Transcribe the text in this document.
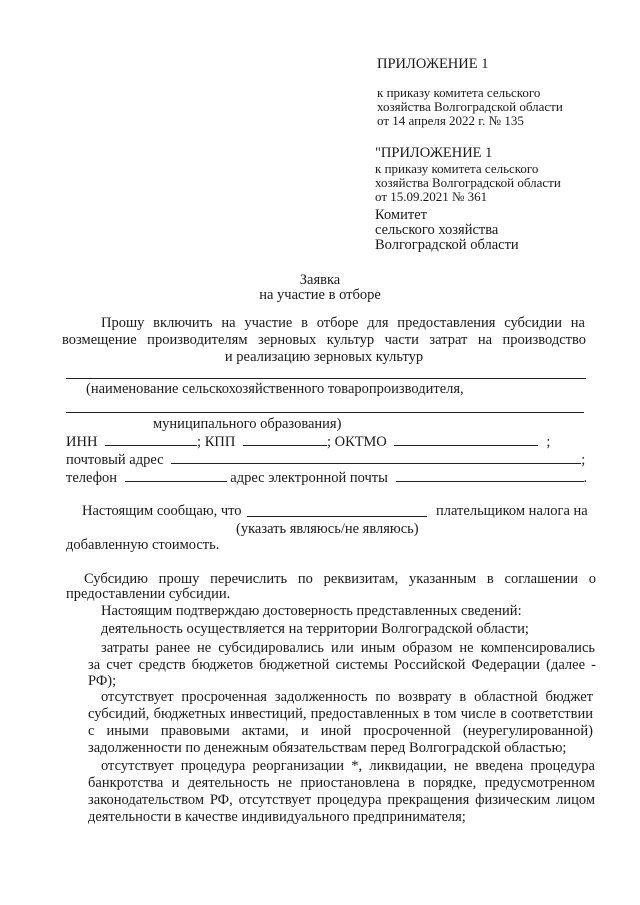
ПРИЛОЖЕНИЕ 1
к приказу комитета сельского
хозяйства Волгоградской области
от 14 апреля 2022 г. № 135
"ПРИЛОЖЕНИЕ 1
к приказу комитета сельского
хозяйства Волгоградской области
от 15.09.2021 № 361
Комитет
сельского хозяйства
Волгоградской области
Заявка
на участие в отборе
Прошу включить на участие в отборе для предоставления субсидии на
возмещение производителям зерновых культур части затрат на производство
и реализацию зерновых культур
(наименование сельскохозяйственного товаропроизводителя,
муниципального образования)
ИНН	; КПП	; ОКТМО	;
почтовый адрес	;
телефон	адрес электронной почты	.
Настоящим сообщаю, что	плательщиком налога на
(указать являюсь/не являюсь)
добавленную стоимость.
Субсидию прошу перечислить по реквизитам, указанным в соглашении о
предоставлении субсидии.
Настоящим подтверждаю достоверность представленных сведений:
деятельность осуществляется на территории Волгоградской области;
затраты ранее не субсидировались или иным образом не компенсировались
за счет средств бюджетов бюджетной системы Российской Федерации (далее -
РФ);
отсутствует просроченная задолженность по возврату в областной бюджет
субсидий, бюджетных инвестиций, предоставленных в том числе в соответствии
с иными правовыми актами, и иной просроченной (неурегулированной)
задолженности по денежным обязательствам перед Волгоградской областью;
отсутствует процедура реорганизации *, ликвидации, не введена процедура
банкротства и деятельность не приостановлена в порядке, предусмотренном
законодательством РФ, отсутствует процедура прекращения физическим лицом
деятельности в качестве индивидуального предпринимателя;
